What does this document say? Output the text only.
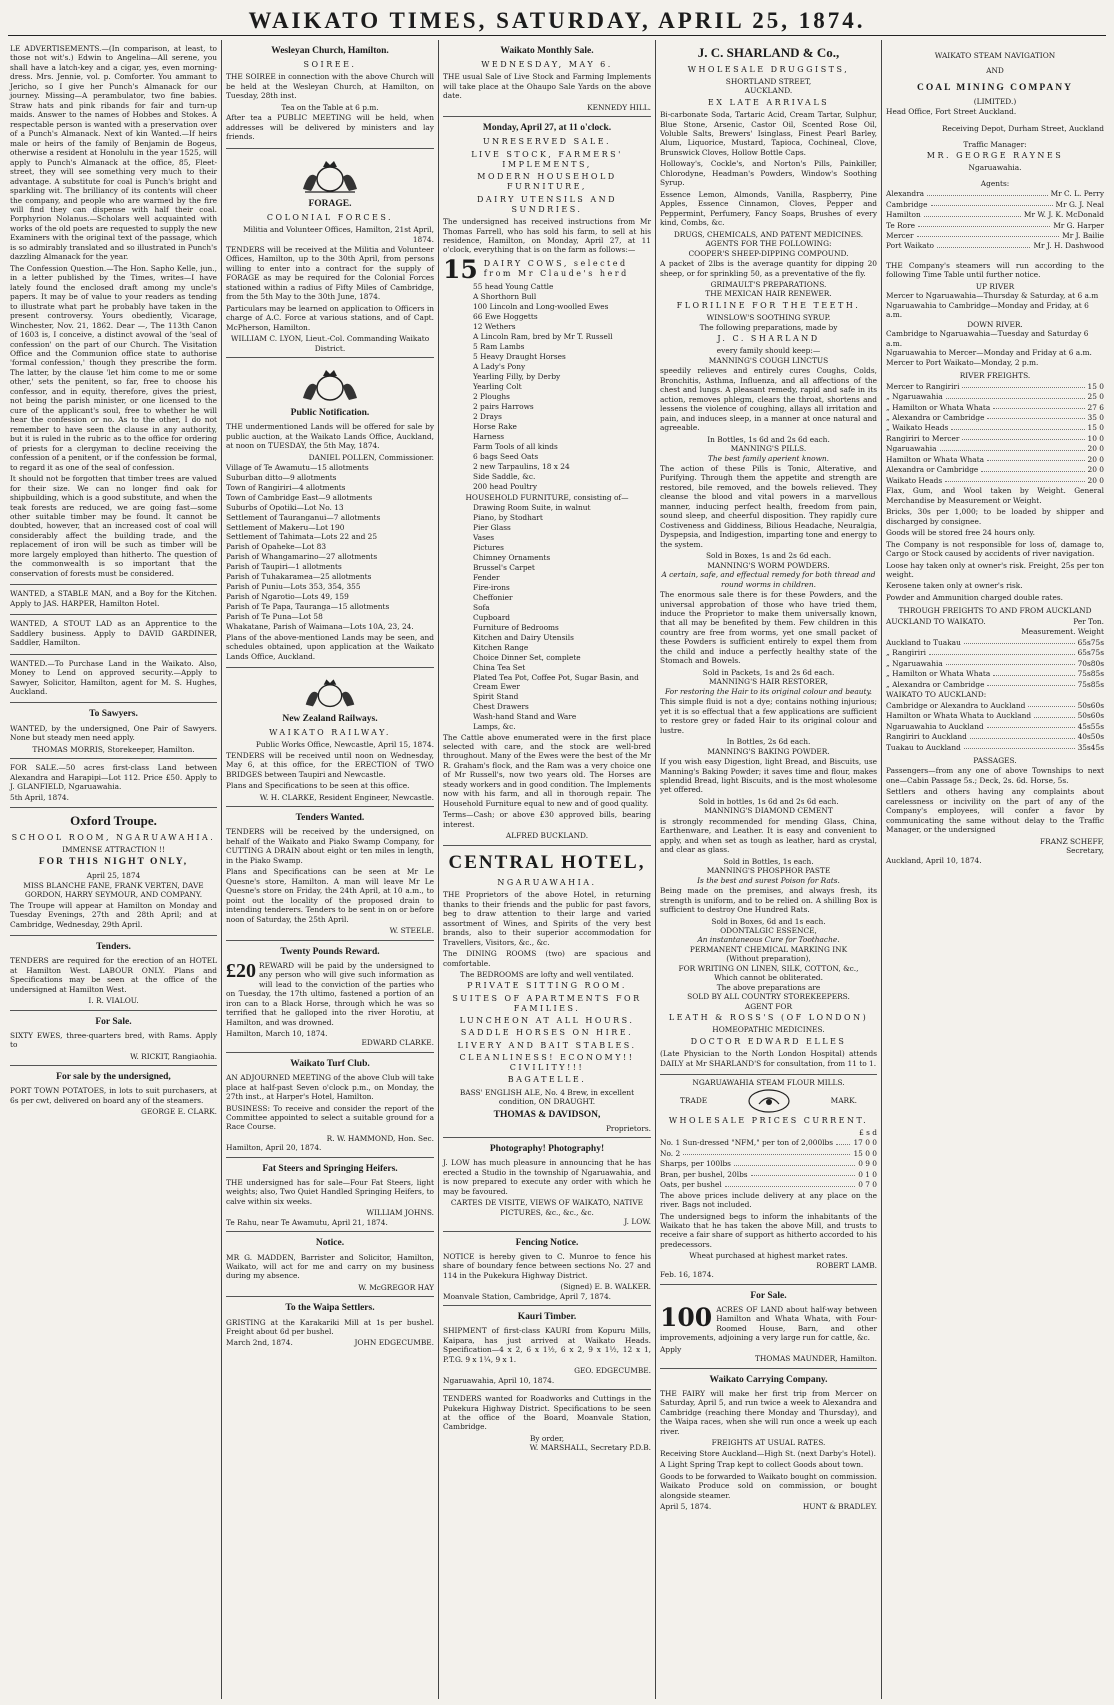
WAIKATO TIMES, SATURDAY, APRIL 25, 1874.

LE ADVERTISEMENTS.—(In comparison, at least, to those not wit's.) Edwin to Angelina—All serene, you shall have a latch-key and a cigar, yes, even morning-dress. Mrs. Jennie, vol. p. Comforter. You ammant to Jericho, so I give her Punch's Almanack for our journey. Missing—A perambulator, two fine babies. Straw hats and pink ribands for fair and turn-up maids. Answer to the names of Hobbes and Stokes. A respectable person is wanted with a preservation over of a Punch's Almanack. Next of kin Wanted.—If heirs male or heirs of the family of Benjamin de Bogeus, otherwise a resident at Honolulu in the year 1525, will apply to Punch's Almanack at the office, 85, Fleet-street, they will see something very much to their advantage. A substitute for coal is Punch's bright and sparkling wit. The brilliancy of its contents will cheer the company, and people who are warmed by the fire will find they can dispense with half their coal. Porphyrion Nolanus.—Scholars well acquainted with works of the old poets are requested to supply the new Examiners with the original text of the passage, which is so admirably translated and so illustrated in Punch's dazzling Almanack for the year.

The Confession Question.—The Hon. Sapho Kelle, jun., in a letter published by the Times, writes—I have lately found the enclosed draft among my uncle's papers. It may be of value to your readers as tending to illustrate what part he probably have taken in the present controversy. Yours obediently, Vicarage, Winchester, Nov. 21, 1862. Dear —, The 113th Canon of 1603 is, I conceive, a distinct avowal of the 'seal of confession' on the part of our Church. The Visitation Office and the Communion office state to authorise 'formal confession,' though they prescribe the form. The latter, by the clause 'let him come to me or some other,' sets the penitent, so far, free to choose his confessor, and in equity, therefore, gives the priest, not being the parish minister, or one licensed to the cure of the applicant's soul, free to whether he will hear the confession or no. As to the other, I do not remember to have seen the clause in any authority, but it is ruled in the rubric as to the office for ordering of priests for a clergyman to decline receiving the confession of a penitent, or if the confession be formal, to regard it as one of the seal of confession.

It should not be forgotten that timber trees are valued for their size. We can no longer find oak for shipbuilding, which is a good substitute, and when the teak forests are reduced, we are going fast—some other suitable timber may be found. It cannot be doubted, however, that an increased cost of coal will considerably affect the building trade, and the replacement of iron will be such as timber will be more largely employed than hitherto. The question of the commonwealth is so important that the conservation of forests must be considered.

WANTED, a STABLE MAN, and a Boy for the Kitchen. Apply to JAS. HARPER, Hamilton Hotel.

WANTED, A STOUT LAD as an Apprentice to the Saddlery business. Apply to DAVID GARDINER, Saddler, Hamilton.

WANTED.—To Purchase Land in the Waikato. Also, Money to Lend on approved security.—Apply to Sawyer, Solicitor, Hamilton, agent for M. S. Hughes, Auckland.

To Sawyers.

WANTED, by the undersigned, One Pair of Sawyers. None but steady men need apply.

THOMAS MORRIS, Storekeeper, Hamilton.

FOR SALE.—50 acres first-class Land between Alexandra and Harapipi—Lot 112. Price £50. Apply to J. GLANFIELD, Ngaruawahia.

5th April, 1874.
Oxford Troupe.
SCHOOL ROOM, NGARUAWAHIA.
IMMENSE ATTRACTION !!
FOR THIS NIGHT ONLY,
April 25, 1874
MISS BLANCHE FANE, FRANK VERTEN, DAVE GORDON, HARRY SEYMOUR, AND COMPANY.

The Troupe will appear at Hamilton on Monday and Tuesday Evenings, 27th and 28th April; and at Cambridge, Wednesday, 29th April.

Tenders.

TENDERS are required for the erection of an HOTEL at Hamilton West. LABOUR ONLY. Plans and Specifications may be seen at the office of the undersigned at Hamilton West.

I. R. VIALOU.
For Sale.

SIXTY EWES, three-quarters bred, with Rams. Apply to

W. RICKIT, Rangiaohia.
For sale by the undersigned,

PORT TOWN POTATOES, in lots to suit purchasers, at 6s per cwt, delivered on board any of the steamers.

GEORGE E. CLARK.
Wesleyan Church, Hamilton.
SOIREE.

THE SOIREE in connection with the above Church will be held at the Wesleyan Church, at Hamilton, on Tuesday, 28th inst.

Tea on the Table at 6 p.m.

After tea a PUBLIC MEETING will be held, when addresses will be delivered by ministers and lay friends.

FORAGE.
COLONIAL FORCES.
Militia and Volunteer Offices, Hamilton, 21st April, 1874.

TENDERS will be received at the Militia and Volunteer Offices, Hamilton, up to the 30th April, from persons willing to enter into a contract for the supply of FORAGE as may be required for the Colonial Forces stationed within a radius of Fifty Miles of Cambridge, from the 5th May to the 30th June, 1874.

Particulars may be learned on application to Officers in charge of A.C. Force at various stations, and of Capt. McPherson, Hamilton.

WILLIAM C. LYON, Lieut.-Col. Commanding Waikato District.
Public Notification.

THE undermentioned Lands will be offered for sale by public auction, at the Waikato Lands Office, Auckland, at noon on TUESDAY, the 5th May, 1874.

DANIEL POLLEN, Commissioner.
Village of Te Awamutu—15 allotments
Suburban ditto—9 allotments
Town of Rangiriri—4 allotments
Town of Cambridge East—9 allotments
Suburbs of Opotiki—Lot No. 13
Settlement of Tauranganui—7 allotments
Settlement of Makeru—Lot 190
Settlement of Tahimata—Lots 22 and 25
Parish of Opaheke—Lot 83
Parish of Whangamarino—27 allotments
Parish of Taupiri—1 allotments
Parish of Tuhakaramea—25 allotments
Parish of Puniu—Lots 353, 354, 355
Parish of Ngarotio—Lots 49, 159
Parish of Te Papa, Tauranga—15 allotments
Parish of Te Puna—Lot 58
Whakatane, Parish of Waimana—Lots 10A, 23, 24.

Plans of the above-mentioned Lands may be seen, and schedules obtained, upon application at the Waikato Lands Office, Auckland.

New Zealand Railways.
WAIKATO RAILWAY.
Public Works Office, Newcastle, April 15, 1874.

TENDERS will be received until noon on Wednesday, May 6, at this office, for the ERECTION of TWO BRIDGES between Taupiri and Newcastle.

Plans and Specifications to be seen at this office.

W. H. CLARKE, Resident Engineer, Newcastle.
Tenders Wanted.

TENDERS will be received by the undersigned, on behalf of the Waikato and Piako Swamp Company, for CUTTING A DRAIN about eight or ten miles in length, in the Piako Swamp.

Plans and Specifications can be seen at Mr Le Quesne's store, Hamilton. A man will leave Mr Le Quesne's store on Friday, the 24th April, at 10 a.m., to point out the locality of the proposed drain to intending tenderers. Tenders to be sent in on or before noon of Saturday, the 25th April.

W. STEELE.
Twenty Pounds Reward.

£20 REWARD will be paid by the undersigned to any person who will give such information as will lead to the conviction of the parties who on Tuesday, the 17th ultimo, fastened a portion of an iron can to a Black Horse, through which he was so terrified that he galloped into the river Horotiu, at Hamilton, and was drowned.

Hamilton, March 10, 1874.
EDWARD CLARKE.
Waikato Turf Club.

AN ADJOURNED MEETING of the above Club will take place at half-past Seven o'clock p.m., on Monday, the 27th inst., at Harper's Hotel, Hamilton.

BUSINESS: To receive and consider the report of the Committee appointed to select a suitable ground for a Race Course.

R. W. HAMMOND, Hon. Sec.
Hamilton, April 20, 1874.
Fat Steers and Springing Heifers.

THE undersigned has for sale—Four Fat Steers, light weights; also, Two Quiet Handled Springing Heifers, to calve within six weeks.

WILLIAM JOHNS.
Te Rahu, near Te Awamutu, April 21, 1874.
Notice.

MR G. MADDEN, Barrister and Solicitor, Hamilton, Waikato, will act for me and carry on my business during my absence.

W. McGREGOR HAY
To the Waipa Settlers.

GRISTING at the Karakariki Mill at 1s per bushel. Freight about 6d per bushel.

March 2nd, 1874.	JOHN EDGECUMBE.
Waikato Monthly Sale.
WEDNESDAY, MAY 6.

THE usual Sale of Live Stock and Farming Implements will take place at the Ohaupo Sale Yards on the above date.

KENNEDY HILL.
Monday, April 27, at 11 o'clock.
UNRESERVED SALE.
LIVE STOCK, FARMERS' IMPLEMENTS,
MODERN HOUSEHOLD FURNITURE,
DAIRY UTENSILS AND SUNDRIES.

The undersigned has received instructions from Mr Thomas Farrell, who has sold his farm, to sell at his residence, Hamilton, on Monday, April 27, at 11 o'clock, everything that is on the farm as follows:—

15 DAIRY COWS, selected from Mr Claude's herd
55 head Young Cattle
A Shorthorn Bull
100 Lincoln and Long-woolled Ewes
66 Ewe Hoggetts
12 Wethers
A Lincoln Ram, bred by Mr T. Russell
5 Ram Lambs
5 Heavy Draught Horses
A Lady's Pony
Yearling Filly, by Derby
Yearling Colt
2 Ploughs
2 pairs Harrows
2 Drays
Horse Rake
Harness
Farm Tools of all kinds
6 bags Seed Oats
2 new Tarpaulins, 18 x 24
Side Saddle, &c.
200 head Poultry
HOUSEHOLD FURNITURE, consisting of—
Drawing Room Suite, in walnut
Piano, by Stodhart
Pier Glass
Vases
Pictures
Chimney Ornaments
Brussel's Carpet
Fender
Fire-irons
Cheffonier
Sofa
Cupboard
Furniture of Bedrooms
Kitchen and Dairy Utensils
Kitchen Range
Choice Dinner Set, complete
China Tea Set
Plated Tea Pot, Coffee Pot, Sugar Basin, and Cream Ewer
Spirit Stand
Chest Drawers
Wash-hand Stand and Ware
Lamps, &c.

The Cattle above enumerated were in the first place selected with care, and the stock are well-bred throughout. Many of the Ewes were the best of the Mr R. Graham's flock, and the Ram was a very choice one of Mr Russell's, now two years old. The Horses are steady workers and in good condition. The Implements now with his farm, and all in thorough repair. The Household Furniture equal to new and of good quality.

Terms—Cash; or above £30 approved bills, bearing interest.

ALFRED BUCKLAND.
CENTRAL HOTEL,
NGARUAWAHIA.

THE Proprietors of the above Hotel, in returning thanks to their friends and the public for past favors, beg to draw attention to their large and varied assortment of Wines, and Spirits of the very best brands, also to their superior accommodation for Travellers, Visitors, &c., &c.

The DINING ROOMS (two) are spacious and comfortable.

The BEDROOMS are lofty and well ventilated.

PRIVATE SITTING ROOM.
SUITES OF APARTMENTS FOR FAMILIES.
LUNCHEON AT ALL HOURS.
SADDLE HORSES ON HIRE.
LIVERY AND BAIT STABLES.
CLEANLINESS! ECONOMY!! CIVILITY!!!
BAGATELLE.

BASS' ENGLISH ALE, No. 4 Brew, in excellent condition, ON DRAUGHT.

THOMAS & DAVIDSON,
Proprietors.
Photography! Photography!

J. LOW has much pleasure in announcing that he has erected a Studio in the township of Ngaruawahia, and is now prepared to execute any order with which he may be favoured.

CARTES DE VISITE, VIEWS OF WAIKATO, NATIVE PICTURES, &c., &c., &c.
J. LOW.
Fencing Notice.

NOTICE is hereby given to C. Munroe to fence his share of boundary fence between sections No. 27 and 114 in the Pukekura Highway District.

(Signed) E. B. WALKER.
Moanvale Station, Cambridge, April 7, 1874.
Kauri Timber.

SHIPMENT of first-class KAURI from Kopuru Mills, Kaipara, has just arrived at Waikato Heads. Specification—4 x 2, 6 x 1½, 6 x 2, 9 x 1½, 12 x 1, P.T.G. 9 x 1¼, 9 x 1.

GEO. EDGECUMBE.
Ngaruawahia, April 10, 1874.

TENDERS wanted for Roadworks and Cuttings in the Pukekura Highway District. Specifications to be seen at the office of the Board, Moanvale Station, Cambridge.

By order,
W. MARSHALL, Secretary P.D.B.
J. C. SHARLAND & Co.,
WHOLESALE DRUGGISTS,
SHORTLAND STREET,
AUCKLAND.
EX LATE ARRIVALS

Bi-carbonate Soda, Tartaric Acid, Cream Tartar, Sulphur, Blue Stone, Arsenic, Castor Oil, Scented Rose Oil, Voluble Salts, Brewers' Isinglass, Finest Pearl Barley, Alum, Liquorice, Mustard, Tapioca, Cochineal, Clove, Brunswick Cloves, Hollow Bottle Caps.

Holloway's, Cockle's, and Norton's Pills, Painkiller, Chlorodyne, Headman's Powders, Window's Soothing Syrup.

Essence Lemon, Almonds, Vanilla, Raspberry, Pine Apples, Essence Cinnamon, Cloves, Pepper and Peppermint, Perfumery, Fancy Soaps, Brushes of every kind, Combs, &c.

DRUGS, CHEMICALS, AND PATENT MEDICINES.
AGENTS FOR THE FOLLOWING:
COOPER'S SHEEP-DIPPING COMPOUND.

A packet of 2lbs is the average quantity for dipping 20 sheep, or for sprinkling 50, as a preventative of the fly.

GRIMAULT'S PREPARATIONS.
THE MEXICAN HAIR RENEWER.
FLORILINE FOR THE TEETH.
WINSLOW'S SOOTHING SYRUP.
The following preparations, made by
J. C. SHARLAND
every family should keep:—
MANNING'S COUGH LINCTUS

speedily relieves and entirely cures Coughs, Colds, Bronchitis, Asthma, Influenza, and all affections of the chest and lungs. A pleasant remedy, rapid and safe in its action, removes phlegm, clears the throat, shortens and lessens the violence of coughing, allays all irritation and pain, and induces sleep, in a manner at once natural and agreeable.

In Bottles, 1s 6d and 2s 6d each.
MANNING'S PILLS.
The best family aperient known.

The action of these Pills is Tonic, Alterative, and Purifying. Through them the appetite and strength are restored, bile removed, and the bowels relieved. They cleanse the blood and vital powers in a marvellous manner, inducing perfect health, freedom from pain, sound sleep, and cheerful disposition. They rapidly cure Costiveness and Giddiness, Bilious Headache, Neuralgia, Dyspepsia, and Indigestion, imparting tone and energy to the system.

Sold in Boxes, 1s and 2s 6d each.
MANNING'S WORM POWDERS.
A certain, safe, and effectual remedy for both thread and round worms in children.

The enormous sale there is for these Powders, and the universal approbation of those who have tried them, induce the Proprietor to make them universally known, that all may be benefited by them. Few children in this country are free from worms, yet one small packet of these Powders is sufficient entirely to expel them from the child and induce a perfectly healthy state of the Stomach and Bowels.

Sold in Packets, 1s and 2s 6d each.
MANNING'S HAIR RESTORER,
For restoring the Hair to its original colour and beauty.

This simple fluid is not a dye; contains nothing injurious; yet it is so effectual that a few applications are sufficient to restore grey or faded Hair to its original colour and lustre.

In Bottles, 2s 6d each.
MANNING'S BAKING POWDER.

If you wish easy Digestion, light Bread, and Biscuits, use Manning's Baking Powder; it saves time and flour, makes splendid Bread, light Biscuits, and is the most wholesome yet offered.

Sold in bottles, 1s 6d and 2s 6d each.
MANNING'S DIAMOND CEMENT

is strongly recommended for mending Glass, China, Earthenware, and Leather. It is easy and convenient to apply, and when set as tough as leather, hard as crystal, and clear as glass.

Sold in Bottles, 1s each.
MANNING'S PHOSPHOR PASTE
Is the best and surest Poison for Rats.

Being made on the premises, and always fresh, its strength is uniform, and to be relied on. A shilling Box is sufficient to destroy One Hundred Rats.

Sold in Boxes, 6d and 1s each.
ODONTALGIC ESSENCE,
An instantaneous Cure for Toothache.
PERMANENT CHEMICAL MARKING INK
(Without preparation),
FOR WRITING ON LINEN, SILK, COTTON, &c.,
Which cannot be obliterated.
The above preparations are
SOLD BY ALL COUNTRY STOREKEEPERS.
AGENT FOR
LEATH & ROSS'S (OF LONDON)
HOMEOPATHIC MEDICINES.
DOCTOR EDWARD ELLES

(Late Physician to the North London Hospital) attends DAILY at Mr SHARLAND'S for consultation, from 11 to 1.

NGARUAWAHIA STEAM FLOUR MILLS.
TRADE	MARK.
WHOLESALE PRICES CURRENT.
£ s d
No. 1 Sun-dressed "NFM," per ton of 2,000lbs	17 0 0
No. 2	15 0 0
Sharps, per 100lbs	0 9 0
Bran, per bushel, 20lbs	0 1 0
Oats, per bushel	0 7 0

The above prices include delivery at any place on the river. Bags not included.

The undersigned begs to inform the inhabitants of the Waikato that he has taken the above Mill, and trusts to receive a fair share of support as hitherto accorded to his predecessors.

Wheat purchased at highest market rates.
ROBERT LAMB.
Feb. 16, 1874.
For Sale.

100 ACRES OF LAND about half-way between Hamilton and Whata Whata, with Four-Roomed House, Barn, and other improvements, adjoining a very large run for cattle, &c.

Apply
THOMAS MAUNDER, Hamilton.
Waikato Carrying Company.

THE FAIRY will make her first trip from Mercer on Saturday, April 5, and run twice a week to Alexandra and Cambridge (reaching there Monday and Thursday), and the Waipa races, when she will run once a week up each river.

FREIGHTS AT USUAL RATES.

Receiving Store Auckland—High St. (next Darby's Hotel).

A Light Spring Trap kept to collect Goods about town.

Goods to be forwarded to Waikato bought on commission. Waikato Produce sold on commission, or bought alongside steamer.

April 5, 1874.	HUNT & BRADLEY.
WAIKATO STEAM NAVIGATION
AND
COAL MINING COMPANY
(LIMITED.)
Head Office, Fort Street Auckland.
Receiving Depot, Durham Street, Auckland
Traffic Manager:
MR. GEORGE RAYNES
Ngaruawahia.
Agents:
Alexandra	Mr C. L. Perry
Cambridge	Mr G. J. Neal
Hamilton	Mr W. J. K. McDonald
Te Rore	Mr G. Harper
Mercer	Mr J. Bailie
Port Waikato	Mr J. H. Dashwood

THE Company's steamers will run according to the following Time Table until further notice.

UP RIVER
Mercer to Ngaruawahia—Thursday & Saturday, at 6 a.m
Ngaruawahia to Cambridge—Monday and Friday, at 6 a.m.
DOWN RIVER.
Cambridge to Ngaruawahia—Tuesday and Saturday 6 a.m.
Ngaruawahia to Mercer—Monday and Friday at 6 a.m.
Mercer to Port Waikato—Monday, 2 p.m.
RIVER FREIGHTS.
Mercer to Rangiriri	15 0
„ Ngaruawahia	25 0
„ Hamilton or Whata Whata	27 6
„ Alexandra or Cambridge	35 0
„ Waikato Heads	15 0
Rangiriri to Mercer	10 0
Ngaruawahia	20 0
Hamilton or Whata Whata	20 0
Alexandra or Cambridge	20 0
Waikato Heads	20 0

Flax, Gum, and Wool taken by Weight. General Merchandise by Measurement or Weight.

Bricks, 30s per 1,000; to be loaded by shipper and discharged by consignee.

Goods will be stored free 24 hours only.

The Company is not responsible for loss of, damage to, Cargo or Stock caused by accidents of river navigation.

Loose hay taken only at owner's risk. Freight, 25s per ton weight.

Kerosene taken only at owner's risk.

Powder and Ammunition charged double rates.

THROUGH FREIGHTS TO AND FROM AUCKLAND
AUCKLAND TO WAIKATO.	Per Ton.
Measurement. Weight
Auckland to Tuakau	65s 75s
„ Rangiriri	65s 75s
„ Ngaruawahia	70s 80s
„ Hamilton or Whata Whata	75s 85s
„ Alexandra or Cambridge	75s 85s
WAIKATO TO AUCKLAND:
Cambridge or Alexandra to Auckland	50s 60s
Hamilton or Whata Whata to Auckland	50s 60s
Ngaruawahia to Auckland	45s 55s
Rangiriri to Auckland	40s 50s
Tuakau to Auckland	35s 45s
PASSAGES.

Passengers—from any one of above Townships to next one—Cabin Passage 5s.; Deck, 2s. 6d. Horse, 5s.

Settlers and others having any complaints about carelessness or incivility on the part of any of the Company's employees, will confer a favor by communicating the same without delay to the Traffic Manager, or the undersigned

FRANZ SCHEFF,
Secretary,
Auckland, April 10, 1874.
